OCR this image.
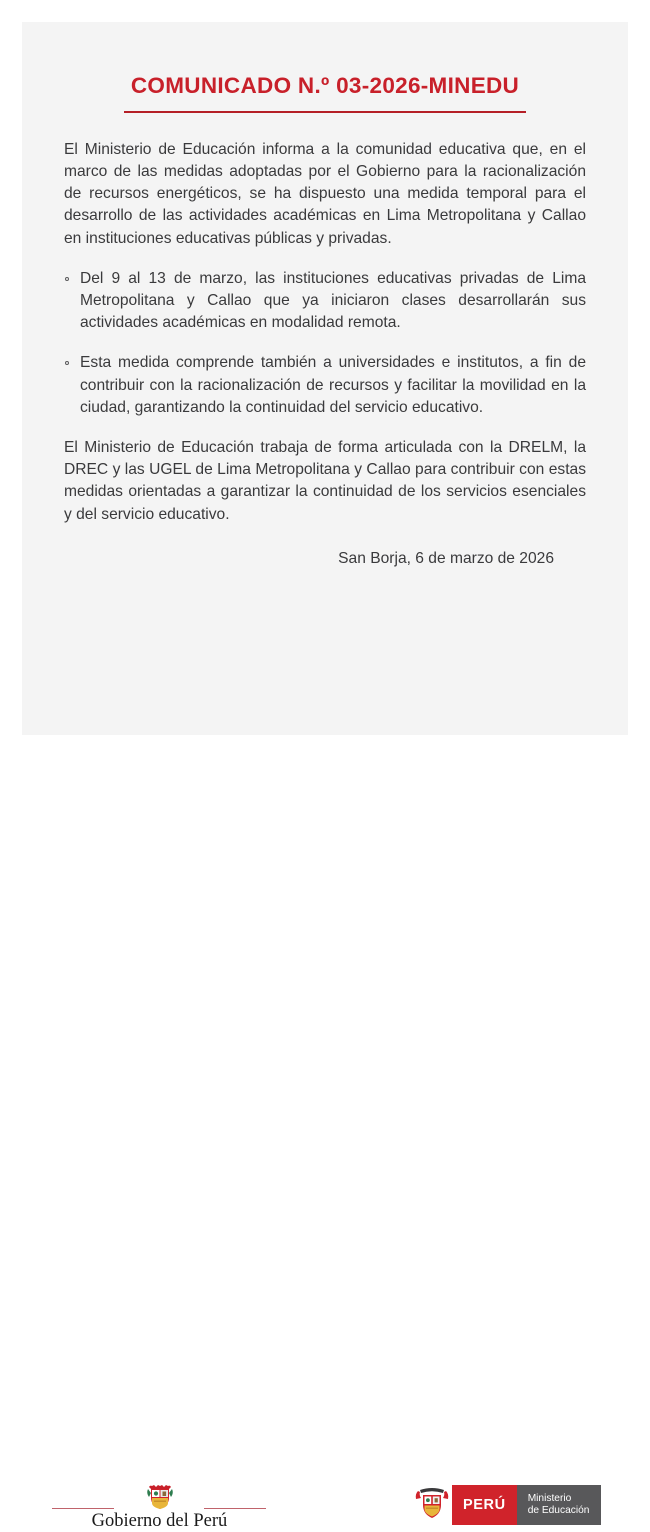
COMUNICADO N.º 03-2026-MINEDU

El Ministerio de Educación informa a la comunidad educativa que, en el marco de las medidas adoptadas por el Gobierno para la racionalización de recursos energéticos, se ha dispuesto una medida temporal para el desarrollo de las actividades académicas en Lima Metropolitana y Callao en instituciones educativas públicas y privadas.

Del 9 al 13 de marzo, las instituciones educativas privadas de Lima Metropolitana y Callao que ya iniciaron clases desarrollarán sus actividades académicas en modalidad remota.
Esta medida comprende también a universidades e institutos, a fin de contribuir con la racionalización de recursos y facilitar la movilidad en la ciudad, garantizando la continuidad del servicio educativo.

El Ministerio de Educación trabaja de forma articulada con la DRELM, la DREC y las UGEL de Lima Metropolitana y Callao para contribuir con estas medidas orientadas a garantizar la continuidad de los servicios esenciales y del servicio educativo.

San Borja, 6 de marzo de 2026
Gobierno del Perú
PERÚ	Ministerio
de Educación
